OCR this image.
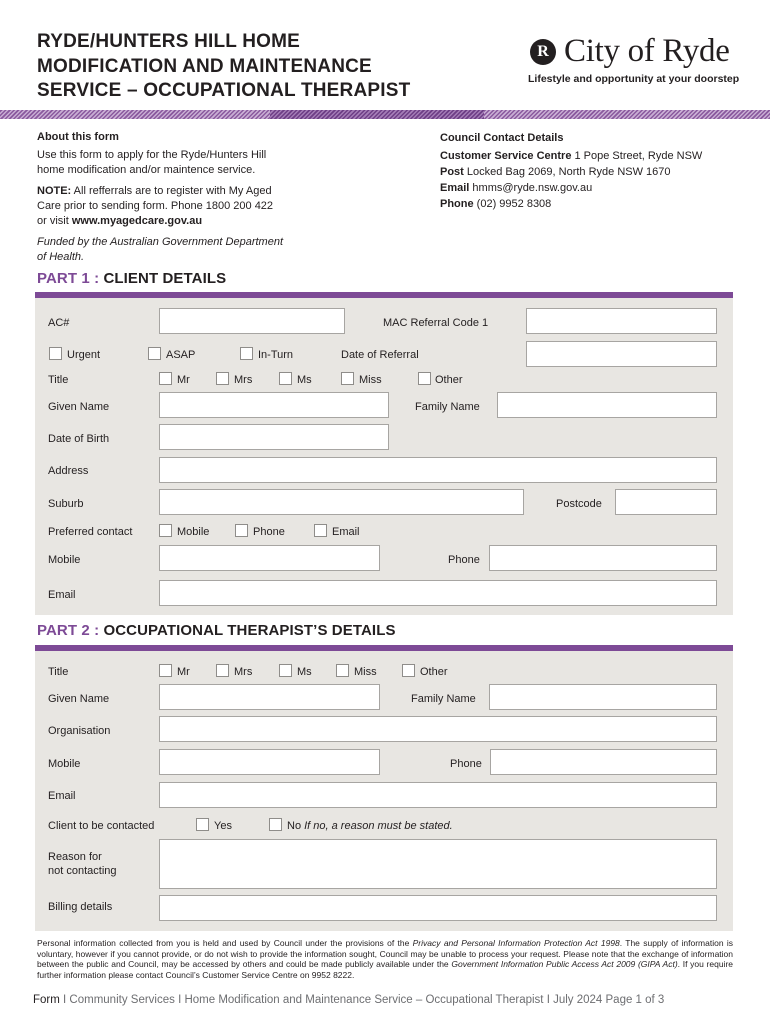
RYDE/HUNTERS HILL HOME
MODIFICATION AND MAINTENANCE
SERVICE – OCCUPATIONAL THERAPIST
R City of Ryde
Lifestyle and opportunity at your doorstep
About this form

Use this form to apply for the Ryde/Hunters Hill
home modification and/or maintence service.

NOTE: All refferrals are to register with My Aged
Care prior to sending form. Phone 1800 200 422
or visit www.myagedcare.gov.au

Funded by the Australian Government Department
of Health.

Council Contact Details
Customer Service Centre 1 Pope Street, Ryde NSW
Post Locked Bag 2069, North Ryde NSW 1670
Email hmms@ryde.nsw.gov.au
Phone (02) 9952 8308
PART 1 : CLIENT DETAILS
AC#	MAC Referral Code 1
Urgent	ASAP	In-Turn	Date of Referral
Title	Mr	Mrs	Ms	Miss	Other
Given Name	Family Name
Date of Birth
Address
Suburb	Postcode
Preferred contact	Mobile	Phone	Email
Mobile	Phone
Email
PART 2 : OCCUPATIONAL THERAPIST’S DETAILS
Title	Mr	Mrs	Ms	Miss	Other
Given Name	Family Name
Organisation
Mobile	Phone
Email
Client to be contacted	Yes	No If no, a reason must be stated.
Reason for
not contacting
Billing details
Personal information collected from you is held and used by Council under the provisions of the Privacy and Personal Information Protection Act 1998. The supply of information is voluntary, however if you cannot provide, or do not wish to provide the information sought, Council may be unable to process your request. Please note that the exchange of information between the public and Council, may be accessed by others and could be made publicly available under the Government Information Public Access Act 2009 (GIPA Act). If you require further information please contact Council’s Customer Service Centre on 9952 8222.
Form I Community Services I Home Modification and Maintenance Service – Occupational Therapist I July 2024 Page 1 of 3
